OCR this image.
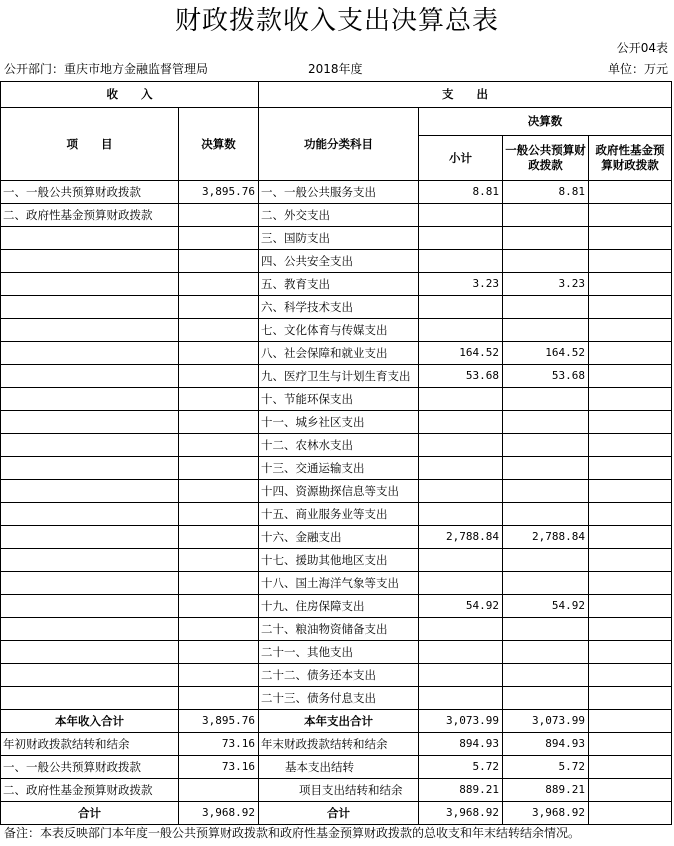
财政拨款收入支出决算总表
公开04表
公开部门：重庆市地方金融监督管理局	2018年度	单位：万元
收　　入		支　　出			
项　　目	决算数	功能分类科目	决算数		
			小计	一般公共预算财政拨款	政府性基金预算财政拨款
一、一般公共预算财政拨款	3,895.76	一、一般公共服务支出	8.81	8.81	
二、政府性基金预算财政拨款		二、外交支出			
		三、国防支出			
		四、公共安全支出			
		五、教育支出	3.23	3.23	
		六、科学技术支出			
		七、文化体育与传媒支出			
		八、社会保障和就业支出	164.52	164.52	
		九、医疗卫生与计划生育支出	53.68	53.68	
		十、节能环保支出			
		十一、城乡社区支出			
		十二、农林水支出			
		十三、交通运输支出			
		十四、资源勘探信息等支出			
		十五、商业服务业等支出			
		十六、金融支出	2,788.84	2,788.84	
		十七、援助其他地区支出			
		十八、国土海洋气象等支出			
		十九、住房保障支出	54.92	54.92	
		二十、粮油物资储备支出			
		二十一、其他支出			
		二十二、债务还本支出			
		二十三、债务付息支出			
本年收入合计	3,895.76	本年支出合计	3,073.99	3,073.99	
年初财政拨款结转和结余	73.16	年末财政拨款结转和结余	894.93	894.93	
一、一般公共预算财政拨款	73.16	基本支出结转	5.72	5.72	
二、政府性基金预算财政拨款		项目支出结转和结余	889.21	889.21	
合计	3,968.92	合计	3,968.92	3,968.92	
备注：本表反映部门本年度一般公共预算财政拨款和政府性基金预算财政拨款的总收支和年末结转结余情况。
